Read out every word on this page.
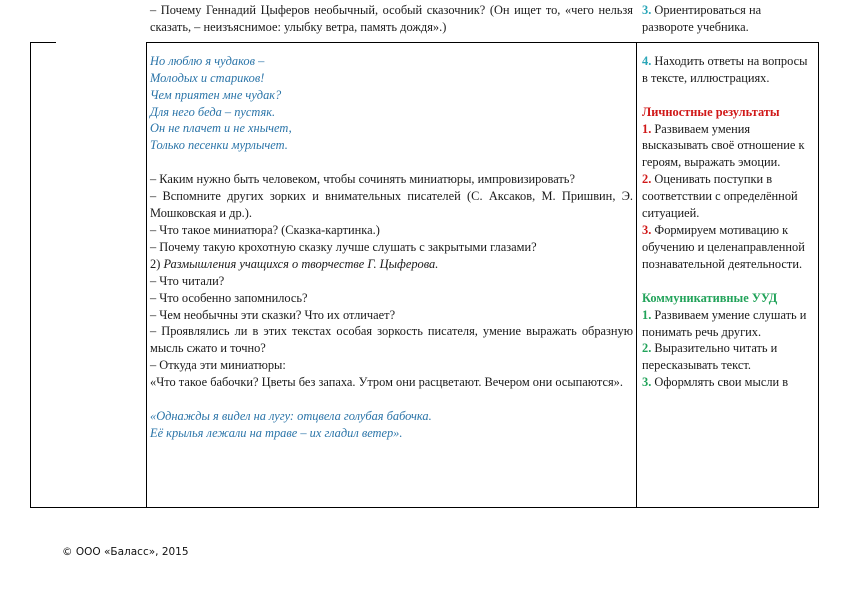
– Почему Геннадий Цыферов необычный, особый сказочник? (Он ищет то, «чего нельзя сказать, – неизъяснимое: улыбку ветра, память дождя».)

Но люблю я чудаков –

Молодых и стариков!

Чем приятен мне чудак?

Для него беда – пустяк.

Он не плачет и не хнычет,

Только песенки мурлычет.

– Каким нужно быть человеком, чтобы сочинять миниатюры, импровизировать?

– Вспомните других зорких и внимательных писателей (С. Аксаков, М. Пришвин, Э. Мошковская и др.).

– Что такое миниатюра? (Сказка-картинка.)

– Почему такую крохотную сказку лучше слушать с закрытыми глазами?

2) Размышления учащихся о творчестве Г. Цыферова.

– Что читали?

– Что особенно запомнилось?

– Чем необычны эти сказки? Что их отличает?

– Проявлялись ли в этих текстах особая зоркость писателя, умение выражать образную мысль сжато и точно?

– Откуда эти миниатюры:

«Что такое бабочки? Цветы без запаха. Утром они расцветают. Вечером они осыпаются».

«Однажды я видел на лугу: отцвела голубая бабочка.

Её крылья лежали на траве – их гладил ветер».

3. Ориентироваться на развороте учебника.

4. Находить ответы на вопросы в тексте, иллюстрациях.

Личностные результаты

1. Развиваем умения высказывать своё отношение к героям, выражать эмоции.

2. Оценивать поступки в соответствии с определённой ситуацией.

3. Формируем мотивацию к обучению и целенаправленной познавательной деятельности.

Коммуникативные УУД

1. Развиваем умение слушать и понимать речь других.

2. Выразительно читать и пересказывать текст.

3. Оформлять свои мысли в

© ООО «Баласс», 2015
